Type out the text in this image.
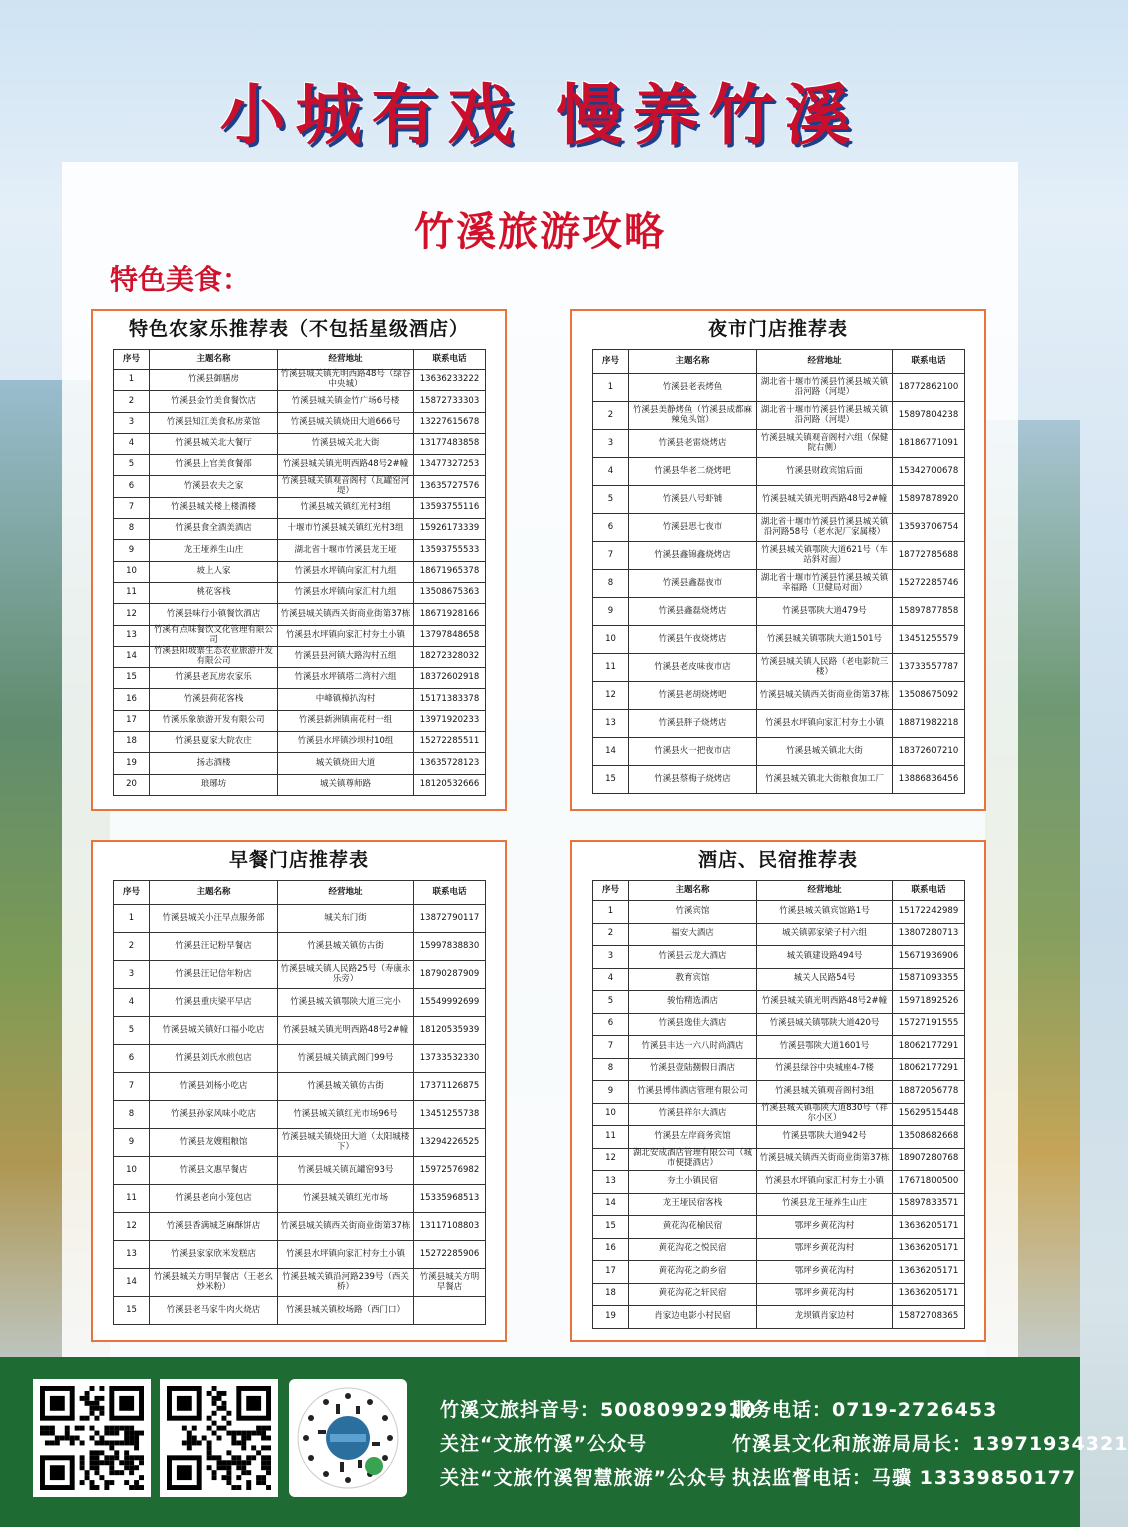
小城有戏 慢养竹溪
竹溪旅游攻略
特色美食：
特色农家乐推荐表（不包括星级酒店）
序号	主题名称	经营地址	联系电话
1	竹溪县御膳房	竹溪县城关镇光明西路48号（绿谷中央城）	13636233222
2	竹溪县金竹美食餐饮店	竹溪县城关镇金竹广场6号楼	15872733303
3	竹溪县知江美食私房菜馆	竹溪县城关镇烧田大道666号	13227615678
4	竹溪县城关北大餐厅	竹溪县城关北大街	13177483858
5	竹溪县上官美食餐部	竹溪县城关镇光明西路48号2#幢	13477327253
6	竹溪县农夫之家	竹溪县城关镇观音阁村（瓦罐窑河堤）	13635727576
7	竹溪县城关楼上楼酒楼	竹溪县城关镇红光村3组	13593755116
8	竹溪县食全酒美酒店	十堰市竹溪县城关镇红光村3组	15926173339
9	龙王垭养生山庄	湖北省十堰市竹溪县龙王垭	13593755533
10	坡上人家	竹溪县水坪镇向家汇村九组	18671965378
11	桃花客栈	竹溪县水坪镇向家汇村九组	13508675363
12	竹溪县味行小镇餐饮酒店	竹溪县城关镇西关街商业街第37栋	18671928166
13	竹溪有点味餐饮文化管理有限公司	竹溪县水坪镇向家汇村夯土小镇	13797848658
14	竹溪县阳坡寨生态农业旅游开发有限公司	竹溪县县河镇大路沟村五组	18272328032
15	竹溪县老瓦房农家乐	竹溪县水坪镇塔二湾村六组	18372602918
16	竹溪县荷花客栈	中峰镇樟扒沟村	15171383378
17	竹溪乐象旅游开发有限公司	竹溪县新洲镇南花村一组	13971920233
18	竹溪县夏家大院农庄	竹溪县水坪镇沙坝村10组	15272285511
19	扬志酒楼	城关镇烧田大道	13635728123
20	琅琊坊	城关镇尊师路	18120532666
夜市门店推荐表
序号	主题名称	经营地址	联系电话
1	竹溪县老表烤鱼	湖北省十堰市竹溪县竹溪县城关镇沿河路（河堤）	18772862100
2	竹溪县美静烤鱼（竹溪县成都麻辣兔头馆）	湖北省十堰市竹溪县竹溪县城关镇沿河路（河堤）	15897804238
3	竹溪县老雷烧烤店	竹溪县城关镇观音阁村六组（保健院右侧）	18186771091
4	竹溪县华老二烧烤吧	竹溪县财政宾馆后面	15342700678
5	竹溪县八号虾铺	竹溪县城关镇光明西路48号2#幢	15897878920
6	竹溪县思七夜市	湖北省十堰市竹溪县竹溪县城关镇沿河路58号（老水泥厂家属楼）	13593706754
7	竹溪县鑫锦鑫烧烤店	竹溪县城关镇鄂陕大道621号（车站斜对面）	18772785688
8	竹溪县鑫磊夜市	湖北省十堰市竹溪县竹溪县城关镇幸福路（卫健局对面）	15272285746
9	竹溪县鑫磊烧烤店	竹溪县鄂陕大道479号	15897877858
10	竹溪县午夜烧烤店	竹溪县城关镇鄂陕大道1501号	13451255579
11	竹溪县老皮味夜市店	竹溪县城关镇人民路（老电影院三楼）	13733557787
12	竹溪县老胡烧烤吧	竹溪县城关镇西关街商业街第37栋	13508675092
13	竹溪县胖子烧烤店	竹溪县水坪镇向家汇村夯土小镇	18871982218
14	竹溪县火一把夜市店	竹溪县城关镇北大街	18372607210
15	竹溪县蔡梅子烧烤店	竹溪县城关镇北大街粮食加工厂	13886836456
早餐门店推荐表
序号	主题名称	经营地址	联系电话
1	竹溪县城关小汪早点服务部	城关东门街	13872790117
2	竹溪县汪记粉早餐店	竹溪县城关镇仿古街	15997838830
3	竹溪县汪记信年粉店	竹溪县城关镇人民路25号（寿康永乐旁）	18790287909
4	竹溪县重庆梁平早店	竹溪县城关镇鄂陕大道三完小	15549992699
5	竹溪县城关镇好口福小吃店	竹溪县城关镇光明西路48号2#幢	18120535939
6	竹溪县刘氏水煎包店	竹溪县城关镇武阁门99号	13733532330
7	竹溪县刘杨小吃店	竹溪县城关镇仿古街	17371126875
8	竹溪县孙家风味小吃店	竹溪县城关镇红光市场96号	13451255738
9	竹溪县龙嫂粗粮馆	竹溪县城关镇烧田大道（太阳城楼下）	13294226525
10	竹溪县文惠早餐店	竹溪县城关镇瓦罐窑93号	15972576982
11	竹溪县老向小笼包店	竹溪县城关镇红光市场	15335968513
12	竹溪县香满城芝麻酥饼店	竹溪县城关镇西关街商业街第37栋	13117108803
13	竹溪县家家欣米发糕店	竹溪县水坪镇向家汇村夯土小镇	15272285906
14	竹溪县城关方明早餐店（王老幺炒米粉）	竹溪县城关镇沿河路239号（西关桥）	竹溪县城关方明早餐店
15	竹溪县老马家牛肉火烧店	竹溪县城关镇校场路（西门口）	
酒店、民宿推荐表
序号	主题名称	经营地址	联系电话
1	竹溪宾馆	竹溪县城关镇宾馆路1号	15172242989
2	福安大酒店	城关镇郭家梁子村六组	13807280713
3	竹溪县云龙大酒店	城关镇建设路494号	15671936906
4	教育宾馆	城关人民路54号	15871093355
5	骏怡精选酒店	竹溪县城关镇光明西路48号2#幢	15971892526
6	竹溪县逸佳大酒店	竹溪县城关镇鄂陕大道420号	15727191555
7	竹溪县丰达一六八时尚酒店	竹溪县鄂陕大道1601号	18062177291
8	竹溪县壹陆捌假日酒店	竹溪县绿谷中央城座4-7楼	18062177291
9	竹溪县博伟酒店管理有限公司	竹溪县城关镇观音阁村3组	18872056778
10	竹溪县祥尔大酒店	竹溪县城关镇鄂陕大道830号（祥尔小区）	15629515448
11	竹溪县左岸商务宾馆	竹溪县鄂陕大道942号	13508682668
12	湖北安成酒店管理有限公司（城市便捷酒店）	竹溪县城关镇西关街商业街第37栋	18907280768
13	夯土小镇民宿	竹溪县水坪镇向家汇村夯土小镇	17671800500
14	龙王垭民宿客栈	竹溪县龙王垭养生山庄	15897833571
15	黄花沟花榆民宿	鄂坪乡黄花沟村	13636205171
16	黄花沟花之悦民宿	鄂坪乡黄花沟村	13636205171
17	黄花沟花之韵乡宿	鄂坪乡黄花沟村	13636205171
18	黄花沟花之轩民宿	鄂坪乡黄花沟村	13636205171
19	肖家边电影小村民宿	龙坝镇肖家边村	15872708365
竹溪文旅抖音号：50080992910
关注“文旅竹溪”公众号
关注“文旅竹溪智慧旅游”公众号
服务电话：0719-2726453
竹溪县文化和旅游局局长：13971934321
执法监督电话：马骥 13339850177
